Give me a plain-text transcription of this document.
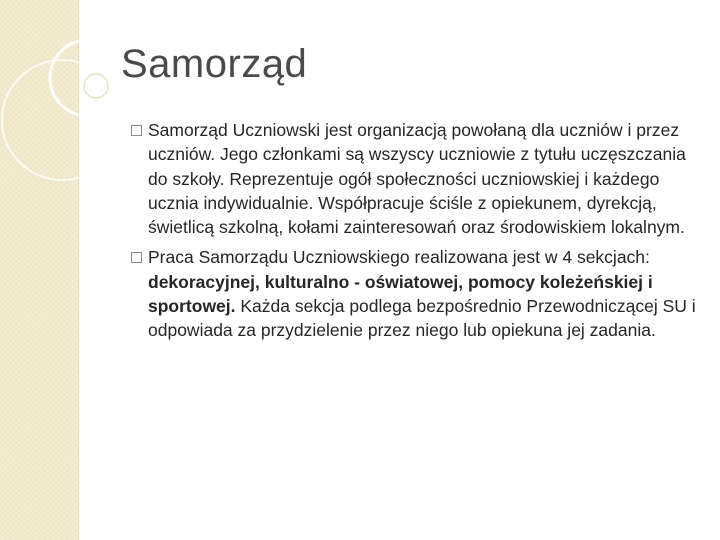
Samorząd
Samorząd Uczniowski jest organizacją powołaną dla uczniów i przez uczniów. Jego członkami są wszyscy uczniowie z tytułu uczęszczania do szkoły. Reprezentuje ogół społeczności uczniowskiej i każdego ucznia indywidualnie. Współpracuje ściśle z opiekunem, dyrekcją, świetlicą szkolną, kołami zainteresowań oraz środowiskiem lokalnym.
Praca Samorządu Uczniowskiego realizowana jest w 4 sekcjach: dekoracyjnej, kulturalno - oświatowej, pomocy koleżeńskiej i sportowej. Każda sekcja podlega bezpośrednio Przewodniczącej SU i odpowiada za przydzielenie przez niego lub opiekuna jej zadania.
